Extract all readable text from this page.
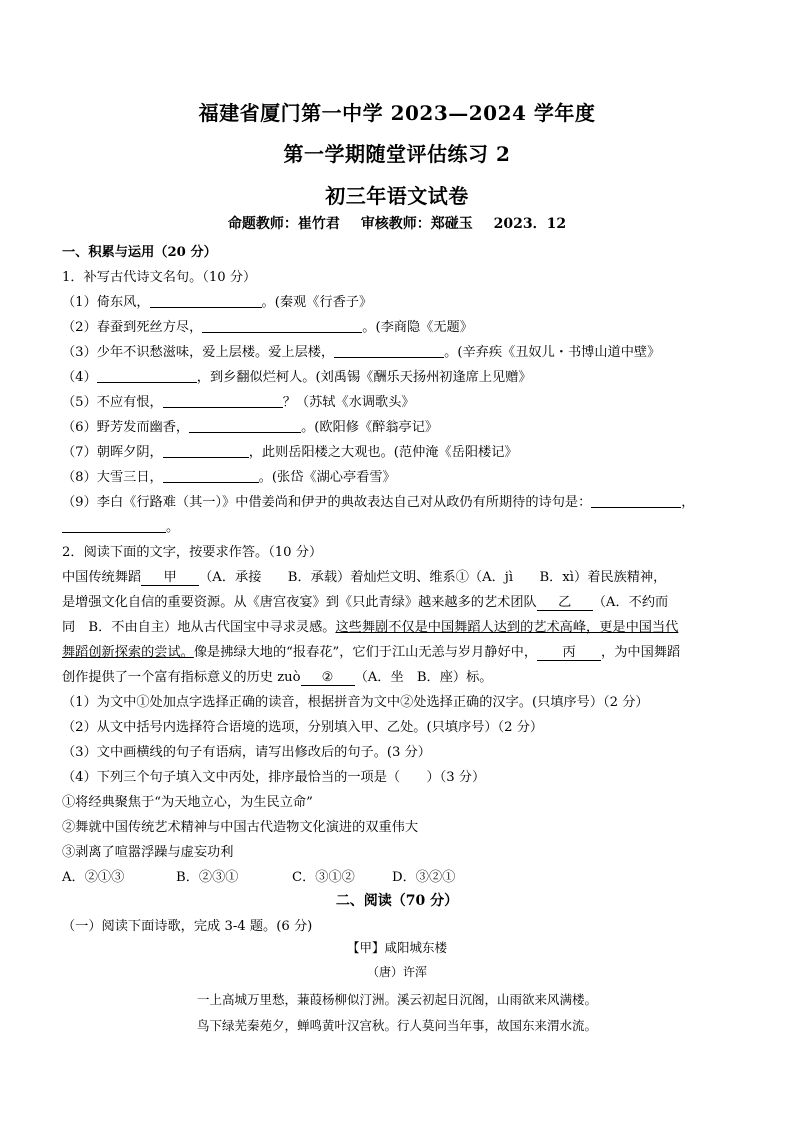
福建省厦门第一中学 2023—2024 学年度
第一学期随堂评估练习 2
初三年语文试卷
命题教师：崔竹君 审核教师：郑碰玉 2023．12
一、积累与运用（20 分）
1．补写古代诗文名句。（10 分）
（1）倚东风，	。(秦观《行香子》
（2）春蚕到死丝方尽，	。(李商隐《无题》
（3）少年不识愁滋味，爱上层楼。爱上层楼，	。(辛弃疾《丑奴儿・书博山道中壁》
（4）	，到乡翻似烂柯人。(刘禹锡《酬乐天扬州初逢席上见赠》
（5）不应有恨，	？（苏轼《水调歌头》
（6）野芳发而幽香，	。(欧阳修《醉翁亭记》
（7）朝晖夕阴，	，此则岳阳楼之大观也。(范仲淹《岳阳楼记》
（8）大雪三日，	。(张岱《湖心亭看雪》
（9）李白《行路难（其一）》中借姜尚和伊尹的典故表达自己对从政仍有所期待的诗句是：	，
。
2．阅读下面的文字，按要求作答。（10 分）
中国传统舞蹈 甲 （A．承接　　B．承载）着灿烂文明、维系①（A．jì　　B．xì）着民族精神，
是增强文化自信的重要资源。从《唐宫夜宴》到《只此青绿》越来越多的艺术团队 乙 （A．不约而
同　B．不由自主）地从古代国宝中寻求灵感。这些舞剧不仅是中国舞蹈人达到的艺术高峰，更是中国当代
舞蹈创新探索的尝试。像是拂绿大地的“报春花”，它们于江山无恙与岁月静好中， 丙 ，为中国舞蹈
创作提供了一个富有指标意义的历史 zuò ② （A．坐　B．座）标。
（1）为文中①处加点字选择正确的读音，根据拼音为文中②处选择正确的汉字。(只填序号）（2 分）
（2）从文中括号内选择符合语境的选项，分别填入甲、乙处。(只填序号）（2 分）
（3）文中画横线的句子有语病，请写出修改后的句子。(3 分）
（4）下列三个句子填入文中丙处，排序最恰当的一项是（　　）（3 分）
①将经典聚焦于“为天地立心，为生民立命”
②舞就中国传统艺术精神与中国古代造物文化演进的双重伟大
③剥离了喧嚣浮躁与虚妄功利
A．②①③	B．②③①	C．③①②	D．③②①
二、阅读（70 分）
（一）阅读下面诗歌，完成 3-4 题。(6 分)
【甲】咸阳城东楼
（唐）许浑
一上高城万里愁，蒹葭杨柳似汀洲。溪云初起日沉阁，山雨欲来风满楼。
鸟下绿芜秦苑夕，蝉鸣黄叶汉宫秋。行人莫问当年事，故国东来渭水流。
